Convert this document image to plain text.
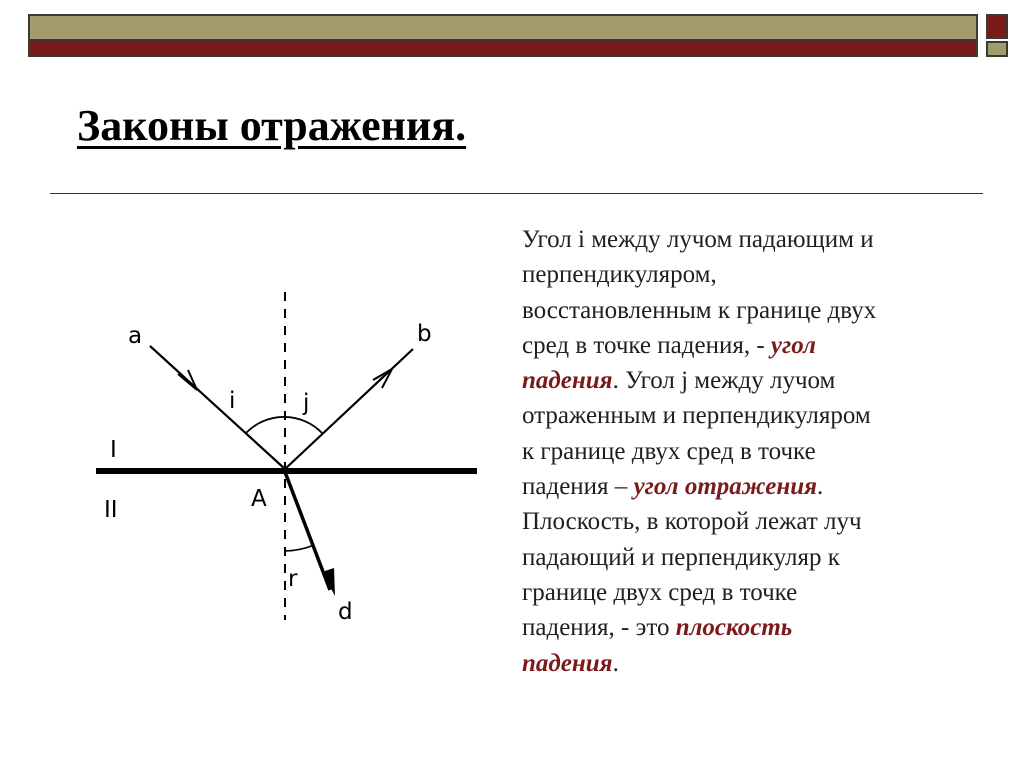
Законы отражения.

Угол i между лучом падающим и
перпендикуляром,
восстановленным к границе двух
сред в точке падения, - угол
падения. Угол j между лучом
отраженным и перпендикуляром
к границе двух сред в точке
падения – угол отражения.
Плоскость, в которой лежат луч
падающий и перпендикуляр к
границе двух сред в точке
падения, - это плоскость
падения.

a	b
i	j
I
II	A
r
d
